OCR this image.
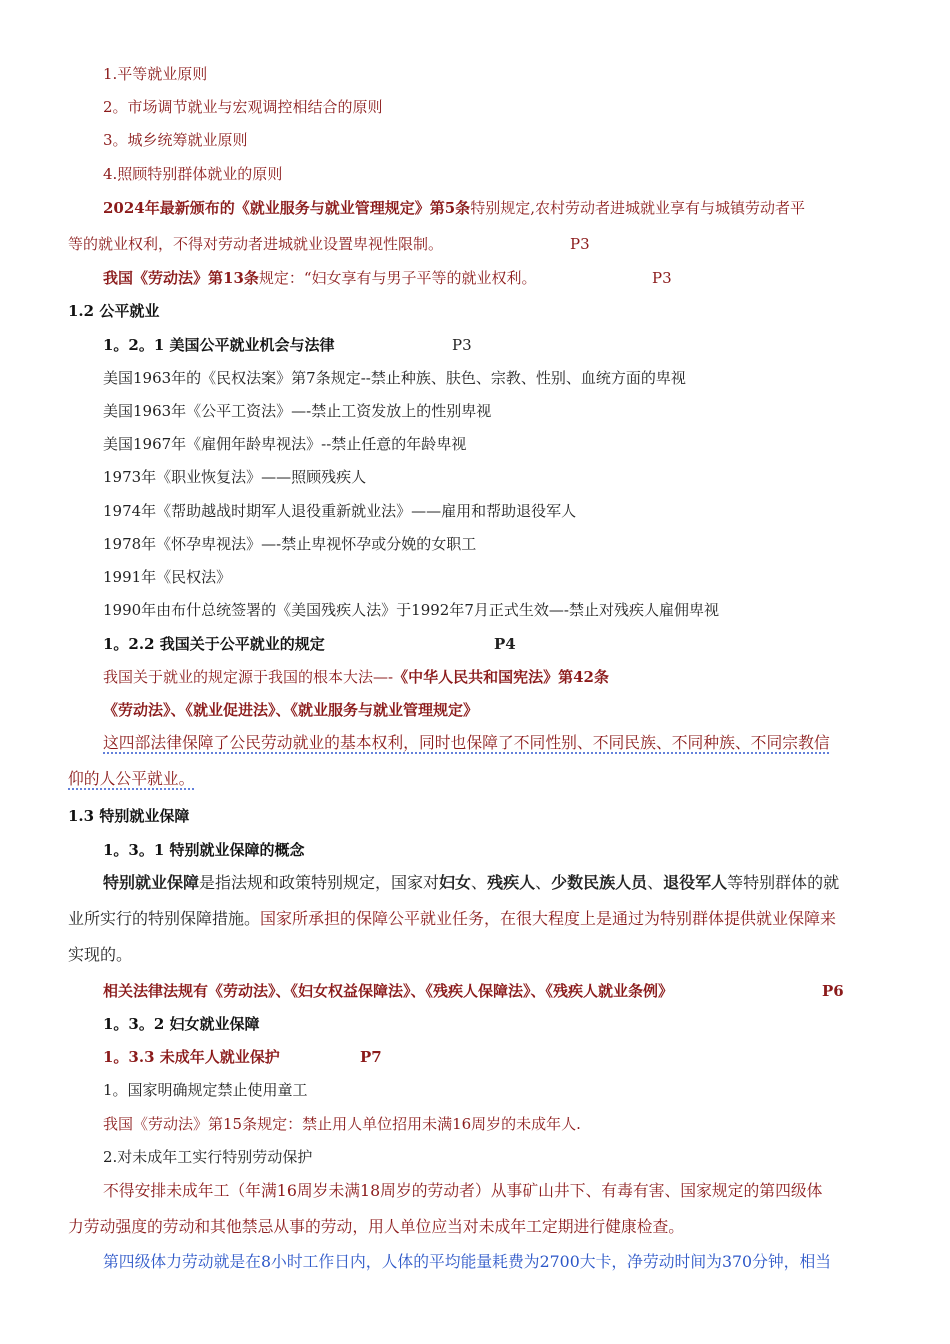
1.平等就业原则
2。市场调节就业与宏观调控相结合的原则
3。城乡统筹就业原则
4.照顾特别群体就业的原则
2024年最新颁布的《就业服务与就业管理规定》第5条特别规定,农村劳动者进城就业享有与城镇劳动者平
等的就业权利，不得对劳动者进城就业设置卑视性限制。	P3
我国《劳动法》第13条规定：“妇女享有与男子平等的就业权利。	P3
1.2 公平就业
1。2。1 美国公平就业机会与法律	P3
美国1963年的《民权法案》第7条规定--禁止种族、肤色、宗教、性别、血统方面的卑视
美国1963年《公平工资法》—-禁止工资发放上的性别卑视
美国1967年《雇佣年龄卑视法》--禁止任意的年龄卑视
1973年《职业恢复法》——照顾残疾人
1974年《帮助越战时期军人退役重新就业法》——雇用和帮助退役军人
1978年《怀孕卑视法》—-禁止卑视怀孕或分娩的女职工
1991年《民权法》
1990年由布什总统签署的《美国残疾人法》于1992年7月正式生效—-禁止对残疾人雇佣卑视
1。2.2 我国关于公平就业的规定	P4
我国关于就业的规定源于我国的根本大法—-《中华人民共和国宪法》第42条
《劳动法》、《就业促进法》、《就业服务与就业管理规定》
这四部法律保障了公民劳动就业的基本权利，同时也保障了不同性别、不同民族、不同种族、不同宗教信
仰的人公平就业。
1.3 特别就业保障
1。3。1 特别就业保障的概念
特别就业保障是指法规和政策特别规定，国家对妇女、残疾人、少数民族人员、退役军人等特别群体的就
业所实行的特别保障措施。国家所承担的保障公平就业任务，在很大程度上是通过为特别群体提供就业保障来
实现的。
相关法律法规有《劳动法》、《妇女权益保障法》、《残疾人保障法》、《残疾人就业条例》	P6
1。3。2 妇女就业保障
1。3.3 未成年人就业保护	P7
1。国家明确规定禁止使用童工
我国《劳动法》第15条规定：禁止用人单位招用未满16周岁的未成年人.
2.对未成年工实行特别劳动保护
不得安排未成年工（年满16周岁未满18周岁的劳动者）从事矿山井下、有毒有害、国家规定的第四级体
力劳动强度的劳动和其他禁忌从事的劳动，用人单位应当对未成年工定期进行健康检查。
第四级体力劳动就是在8小时工作日内，人体的平均能量耗费为2700大卡，净劳动时间为370分钟，相当
